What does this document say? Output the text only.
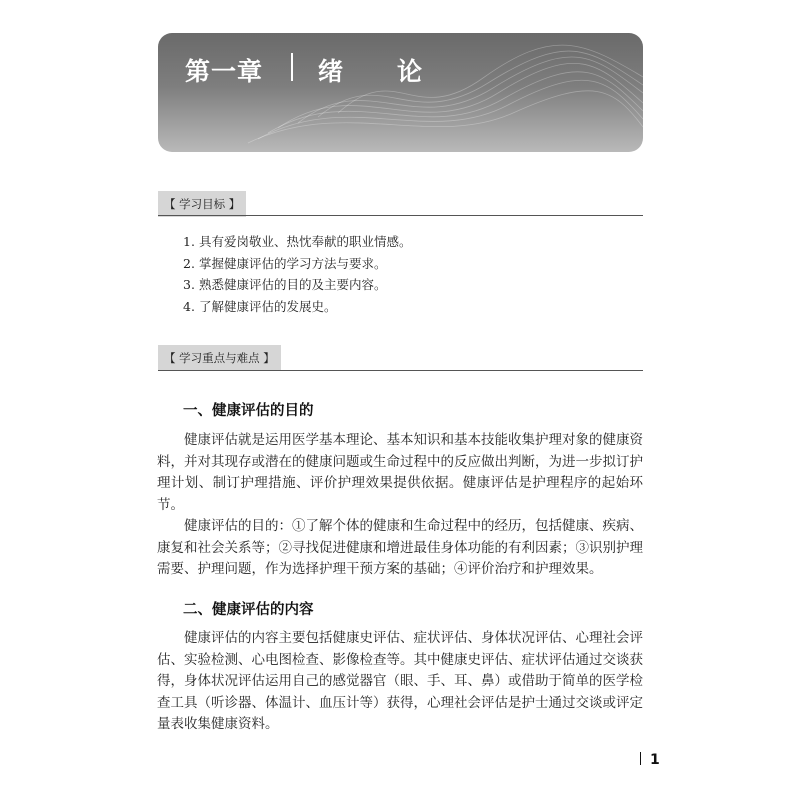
第一章 绪论
【 学习目标 】
1. 具有爱岗敬业、热忱奉献的职业情感。
2. 掌握健康评估的学习方法与要求。
3. 熟悉健康评估的目的及主要内容。
4. 了解健康评估的发展史。
【 学习重点与难点 】
一、健康评估的目的

健康评估就是运用医学基本理论、基本知识和基本技能收集护理对象的健康资料，并对其现存或潜在的健康问题或生命过程中的反应做出判断，为进一步拟订护理计划、制订护理措施、评价护理效果提供依据。健康评估是护理程序的起始环节。

健康评估的目的：①了解个体的健康和生命过程中的经历，包括健康、疾病、康复和社会关系等；②寻找促进健康和增进最佳身体功能的有利因素；③识别护理需要、护理问题，作为选择护理干预方案的基础；④评价治疗和护理效果。

二、健康评估的内容

健康评估的内容主要包括健康史评估、症状评估、身体状况评估、心理社会评估、实验检测、心电图检查、影像检查等。其中健康史评估、症状评估通过交谈获得，身体状况评估运用自己的感觉器官（眼、手、耳、鼻）或借助于简单的医学检查工具（听诊器、体温计、血压计等）获得，心理社会评估是护士通过交谈或评定量表收集健康资料。

1
